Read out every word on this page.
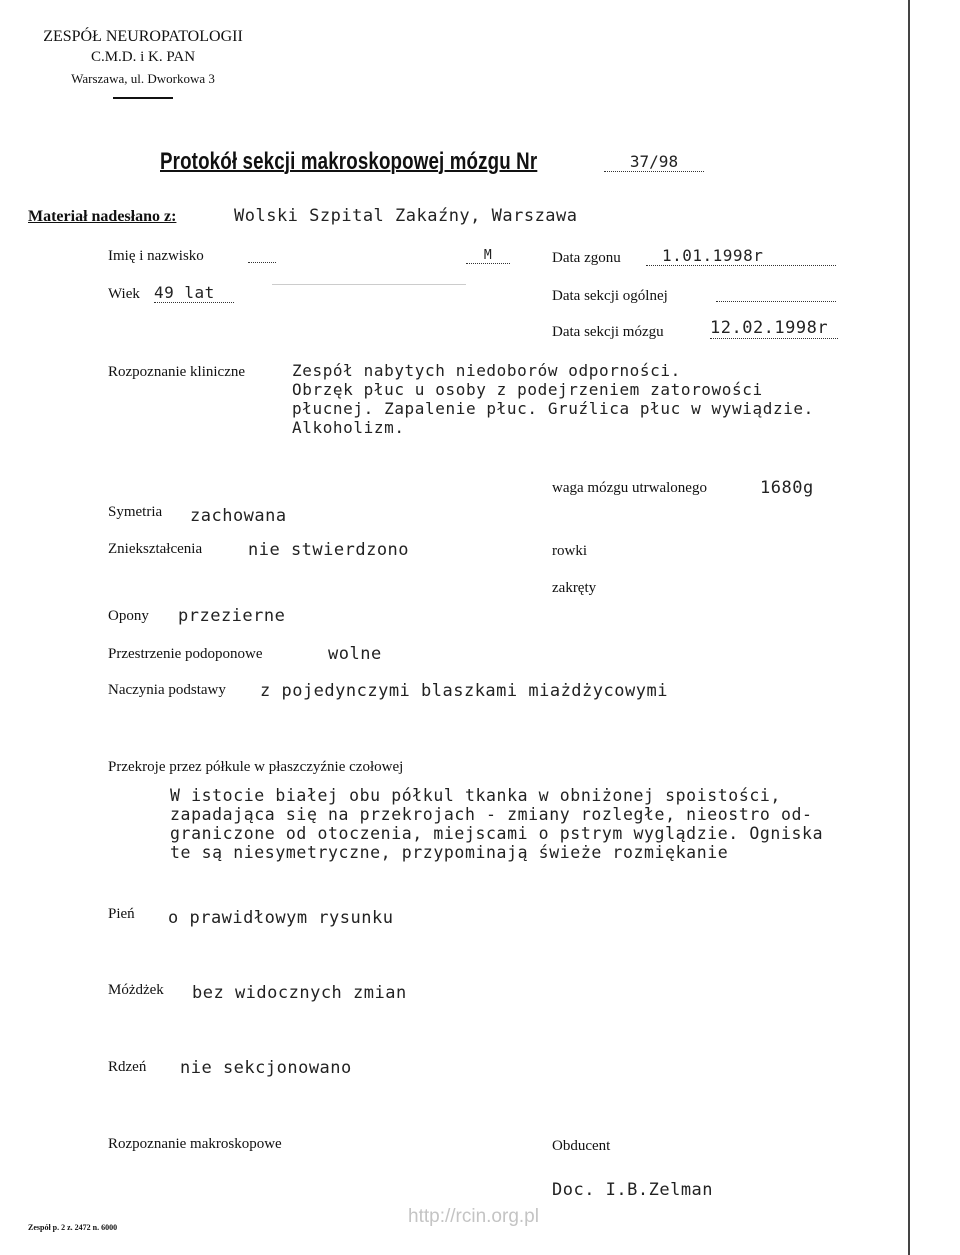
ZESPÓŁ NEUROPATOLOGII
C.M.D. i K. PAN
Warszawa, ul. Dworkowa 3
Protokół sekcji makroskopowej mózgu Nr	37/98
Materiał nadesłano z:	Wolski Szpital Zakaźny, Warszawa
Imię i nazwisko	M
Wiek 49 lat
Data zgonu	1.01.1998r
Data sekcji ogólnej
Data sekcji mózgu	12.02.1998r
Rozpoznanie kliniczne	Zespół nabytych niedoborów odporności.
Obrzęk płuc u osoby z podejrzeniem zatorowości
płucnej. Zapalenie płuc. Gruźlica płuc w wywiądzie.
Alkoholizm.
Symetria zachowana
Zniekształcenia	nie stwierdzono
Opony przezierne
Przestrzenie podoponowe	wolne
Naczynia podstawy z pojedynczymi blaszkami miażdżycowymi
waga mózgu utrwalonego	1680g
rowki
zakręty
Przekroje przez półkule w płaszczyźnie czołowej
W istocie białej obu półkul tkanka w obniżonej spoistości,
zapadająca się na przekrojach - zmiany rozległe, nieostro od-
graniczone od otoczenia, miejscami o pstrym wyglądzie. Ogniska
te są niesymetryczne, przypominają świeże rozmiękanie
Pień o prawidłowym rysunku
Móżdżek bez widocznych zmian
Rdzeń nie sekcjonowano
Rozpoznanie makroskopowe	Obducent
Doc. I.B.Zelman
Zespół p. 2 z. 2472 n. 6000
http://rcin.org.pl
